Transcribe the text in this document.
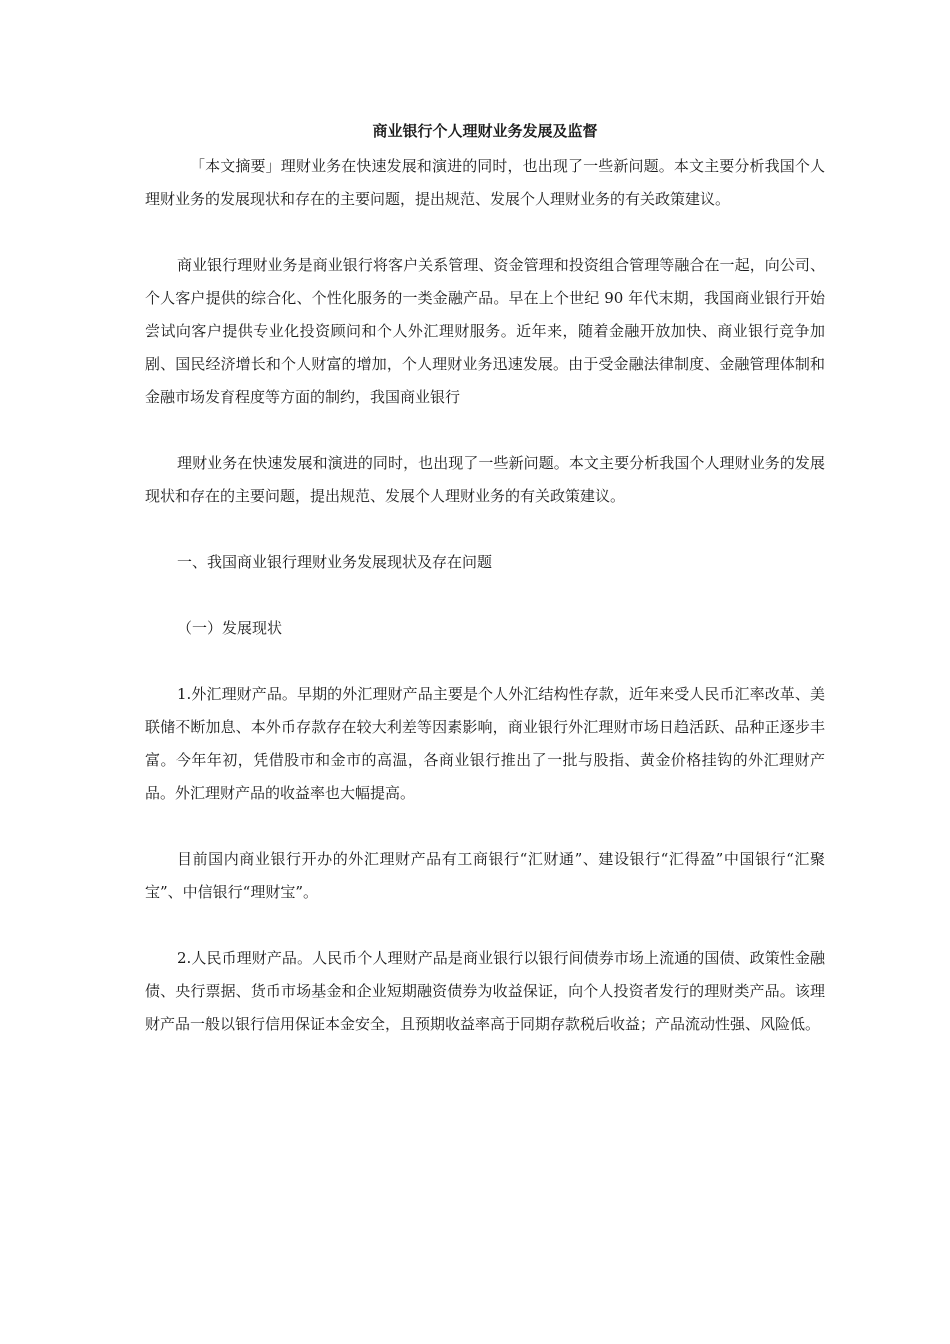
商业银行个人理财业务发展及监督

「本文摘要」理财业务在快速发展和演进的同时，也出现了一些新问题。本文主要分析我国个人理财业务的发展现状和存在的主要问题，提出规范、发展个人理财业务的有关政策建议。

商业银行理财业务是商业银行将客户关系管理、资金管理和投资组合管理等融合在一起，向公司、个人客户提供的综合化、个性化服务的一类金融产品。早在上个世纪 90 年代末期，我国商业银行开始尝试向客户提供专业化投资顾问和个人外汇理财服务。近年来，随着金融开放加快、商业银行竞争加剧、国民经济增长和个人财富的增加，个人理财业务迅速发展。由于受金融法律制度、金融管理体制和金融市场发育程度等方面的制约，我国商业银行

理财业务在快速发展和演进的同时，也出现了一些新问题。本文主要分析我国个人理财业务的发展现状和存在的主要问题，提出规范、发展个人理财业务的有关政策建议。

一、我国商业银行理财业务发展现状及存在问题

（一）发展现状

1.外汇理财产品。早期的外汇理财产品主要是个人外汇结构性存款，近年来受人民币汇率改革、美联储不断加息、本外币存款存在较大利差等因素影响，商业银行外汇理财市场日趋活跃、品种正逐步丰富。今年年初，凭借股市和金市的高温，各商业银行推出了一批与股指、黄金价格挂钩的外汇理财产品。外汇理财产品的收益率也大幅提高。

目前国内商业银行开办的外汇理财产品有工商银行“汇财通”、建设银行“汇得盈”中国银行“汇聚宝”、中信银行“理财宝”。

2.人民币理财产品。人民币个人理财产品是商业银行以银行间债券市场上流通的国债、政策性金融债、央行票据、货币市场基金和企业短期融资债券为收益保证，向个人投资者发行的理财类产品。该理财产品一般以银行信用保证本金安全，且预期收益率高于同期存款税后收益；产品流动性强、风险低。
